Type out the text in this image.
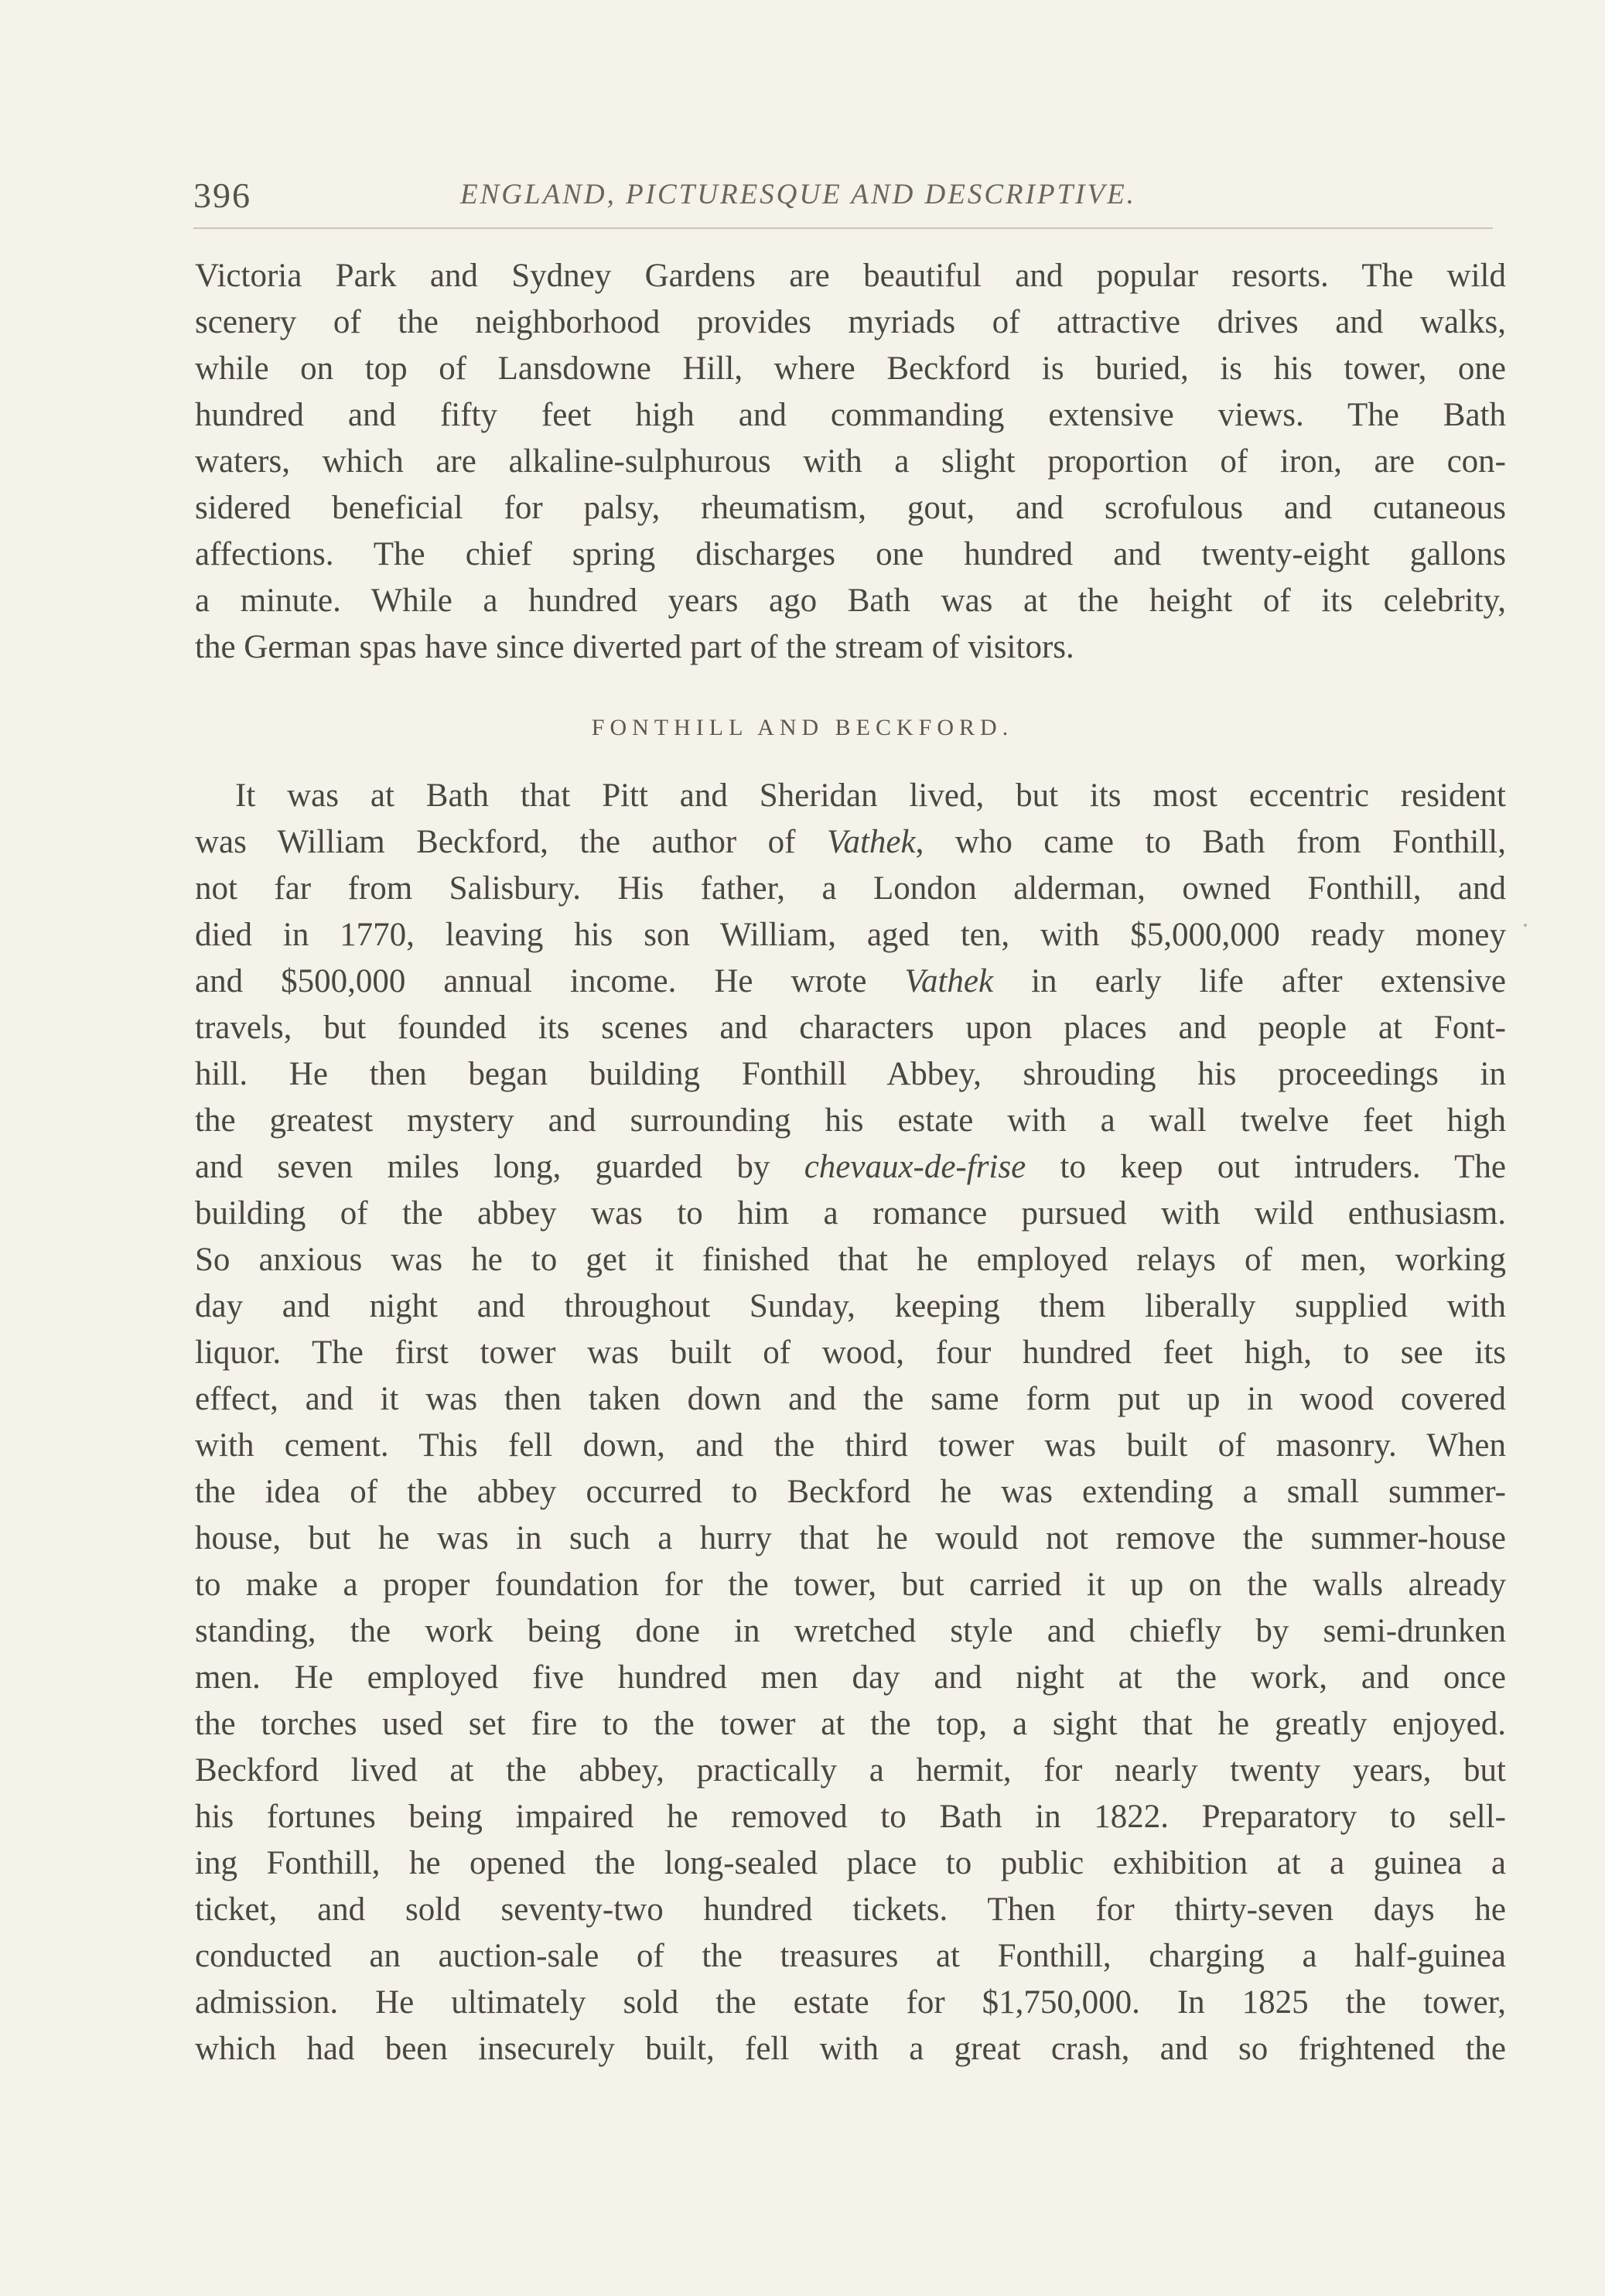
396	ENGLAND, PICTURESQUE AND DESCRIPTIVE.
Victoria Park and Sydney Gardens are beautiful and popular resorts. The wild
scenery of the neighborhood provides myriads of attractive drives and walks,
while on top of Lansdowne Hill, where Beckford is buried, is his tower, one
hundred and fifty feet high and commanding extensive views. The Bath
waters, which are alkaline-sulphurous with a slight proportion of iron, are con-
sidered beneficial for palsy, rheumatism, gout, and scrofulous and cutaneous
affections. The chief spring discharges one hundred and twenty-eight gallons
a minute. While a hundred years ago Bath was at the height of its celebrity,
the German spas have since diverted part of the stream of visitors.
FONTHILL AND BECKFORD.
It was at Bath that Pitt and Sheridan lived, but its most eccentric resident
was William Beckford, the author of Vathek, who came to Bath from Fonthill,
not far from Salisbury. His father, a London alderman, owned Fonthill, and
died in 1770, leaving his son William, aged ten, with $5,000,000 ready money
and $500,000 annual income. He wrote Vathek in early life after extensive
travels, but founded its scenes and characters upon places and people at Font-
hill. He then began building Fonthill Abbey, shrouding his proceedings in
the greatest mystery and surrounding his estate with a wall twelve feet high
and seven miles long, guarded by chevaux-de-frise to keep out intruders. The
building of the abbey was to him a romance pursued with wild enthusiasm.
So anxious was he to get it finished that he employed relays of men, working
day and night and throughout Sunday, keeping them liberally supplied with
liquor. The first tower was built of wood, four hundred feet high, to see its
effect, and it was then taken down and the same form put up in wood covered
with cement. This fell down, and the third tower was built of masonry. When
the idea of the abbey occurred to Beckford he was extending a small summer-
house, but he was in such a hurry that he would not remove the summer-house
to make a proper foundation for the tower, but carried it up on the walls already
standing, the work being done in wretched style and chiefly by semi-drunken
men. He employed five hundred men day and night at the work, and once
the torches used set fire to the tower at the top, a sight that he greatly enjoyed.
Beckford lived at the abbey, practically a hermit, for nearly twenty years, but
his fortunes being impaired he removed to Bath in 1822. Preparatory to sell-
ing Fonthill, he opened the long-sealed place to public exhibition at a guinea a
ticket, and sold seventy-two hundred tickets. Then for thirty-seven days he
conducted an auction-sale of the treasures at Fonthill, charging a half-guinea
admission. He ultimately sold the estate for $1,750,000. In 1825 the tower,
which had been insecurely built, fell with a great crash, and so frightened the
